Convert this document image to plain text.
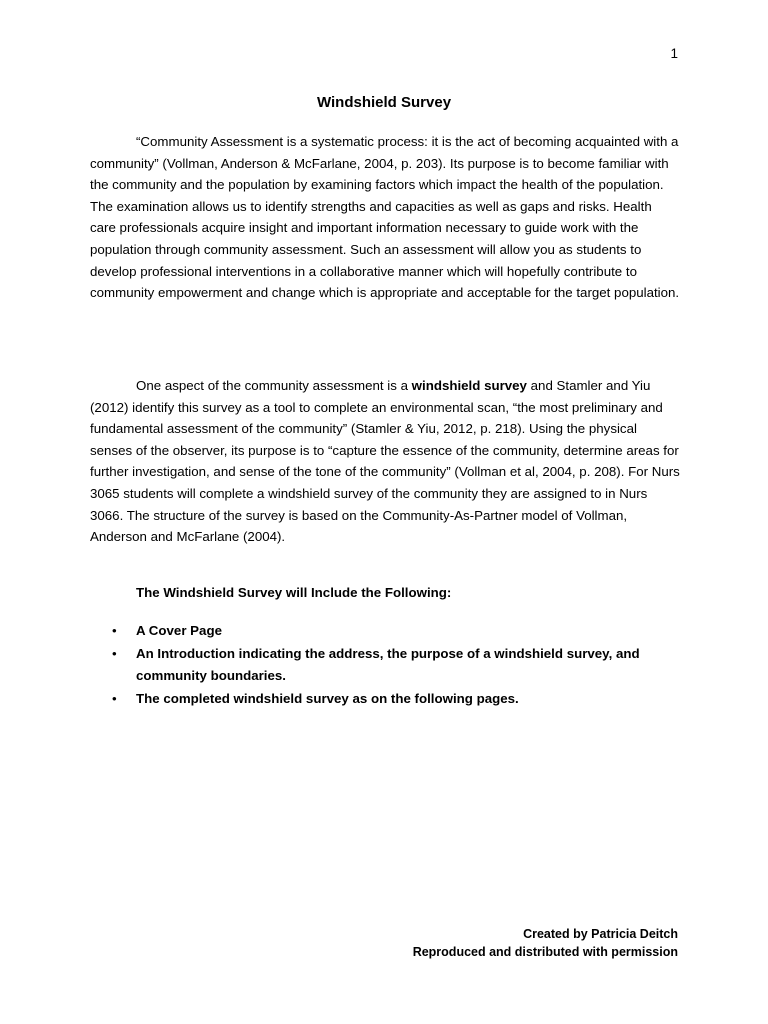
1
Windshield Survey

“Community Assessment is a systematic process: it is the act of becoming acquainted with a community” (Vollman, Anderson & McFarlane, 2004, p. 203). Its purpose is to become familiar with the community and the population by examining factors which impact the health of the population. The examination allows us to identify strengths and capacities as well as gaps and risks. Health care professionals acquire insight and important information necessary to guide work with the population through community assessment. Such an assessment will allow you as students to develop professional interventions in a collaborative manner which will hopefully contribute to community empowerment and change which is appropriate and acceptable for the target population.

One aspect of the community assessment is a windshield survey and Stamler and Yiu (2012) identify this survey as a tool to complete an environmental scan, “the most preliminary and fundamental assessment of the community” (Stamler & Yiu, 2012, p. 218). Using the physical senses of the observer, its purpose is to “capture the essence of the community, determine areas for further investigation, and sense of the tone of the community” (Vollman et al, 2004, p. 208). For Nurs 3065 students will complete a windshield survey of the community they are assigned to in Nurs 3066. The structure of the survey is based on the Community-As-Partner model of Vollman, Anderson and McFarlane (2004).

The Windshield Survey will Include the Following:
• A Cover Page
• An Introduction indicating the address, the purpose of a windshield survey, and community boundaries.
• The completed windshield survey as on the following pages.
Created by Patricia Deitch
Reproduced and distributed with permission
